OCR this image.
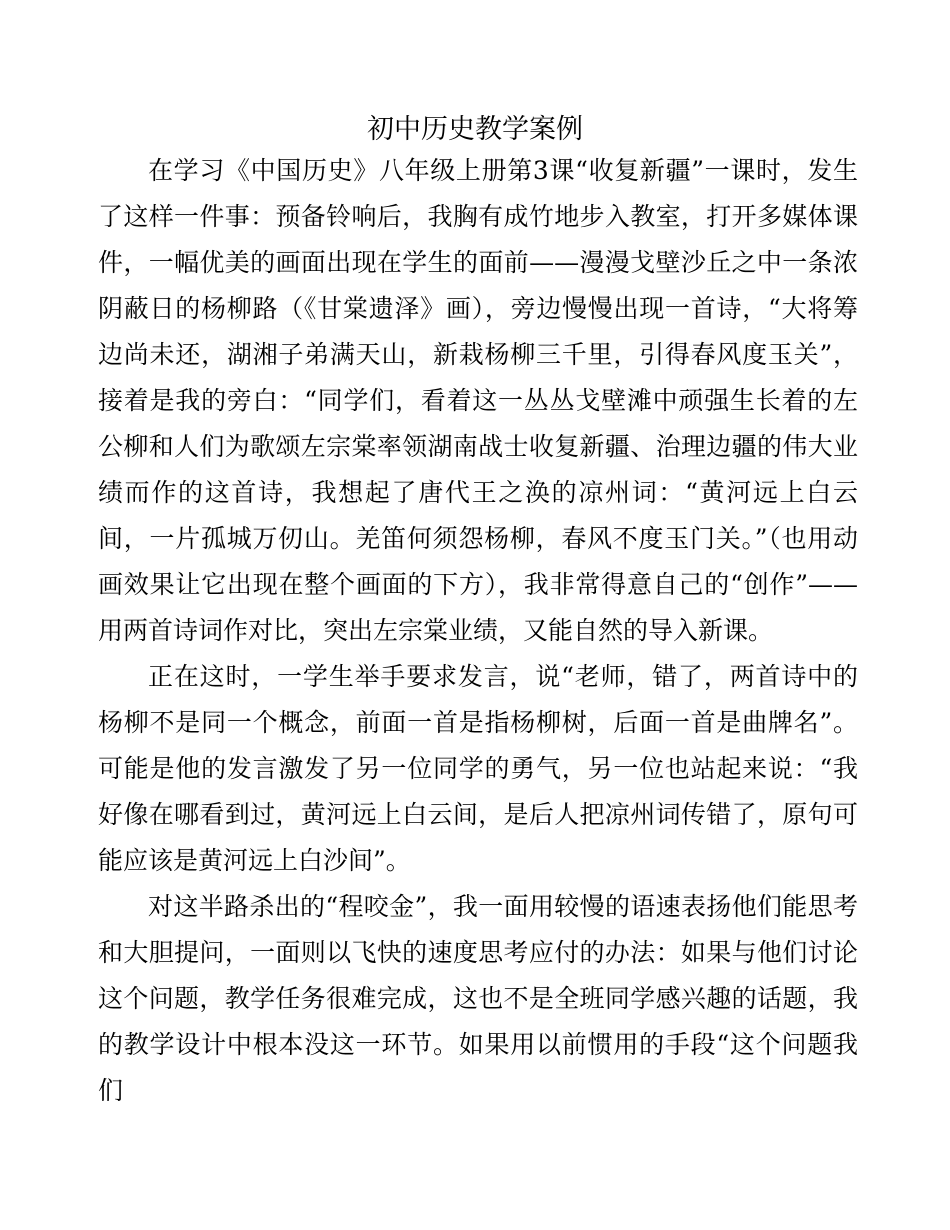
初中历史教学案例

在学习《中国历史》八年级上册第3课“收复新疆”一课时，发生了这样一件事：预备铃响后，我胸有成竹地步入教室，打开多媒体课件，一幅优美的画面出现在学生的面前——漫漫戈壁沙丘之中一条浓阴蔽日的杨柳路（《甘棠遗泽》画），旁边慢慢出现一首诗，“大将筹边尚未还，湖湘子弟满天山，新栽杨柳三千里，引得春风度玉关”，接着是我的旁白：“同学们，看着这一丛丛戈壁滩中顽强生长着的左公柳和人们为歌颂左宗棠率领湖南战士收复新疆、治理边疆的伟大业绩而作的这首诗，我想起了唐代王之涣的凉州词：“黄河远上白云间，一片孤城万仞山。羌笛何须怨杨柳，春风不度玉门关。”（也用动画效果让它出现在整个画面的下方），我非常得意自己的“创作”——用两首诗词作对比，突出左宗棠业绩，又能自然的导入新课。

正在这时，一学生举手要求发言，说“老师，错了，两首诗中的杨柳不是同一个概念，前面一首是指杨柳树，后面一首是曲牌名”。可能是他的发言激发了另一位同学的勇气，另一位也站起来说：“我好像在哪看到过，黄河远上白云间，是后人把凉州词传错了，原句可能应该是黄河远上白沙间”。

对这半路杀出的“程咬金”，我一面用较慢的语速表扬他们能思考和大胆提问，一面则以飞快的速度思考应付的办法：如果与他们讨论这个问题，教学任务很难完成，这也不是全班同学感兴趣的话题，我的教学设计中根本没这一环节。如果用以前惯用的手段“这个问题我们
